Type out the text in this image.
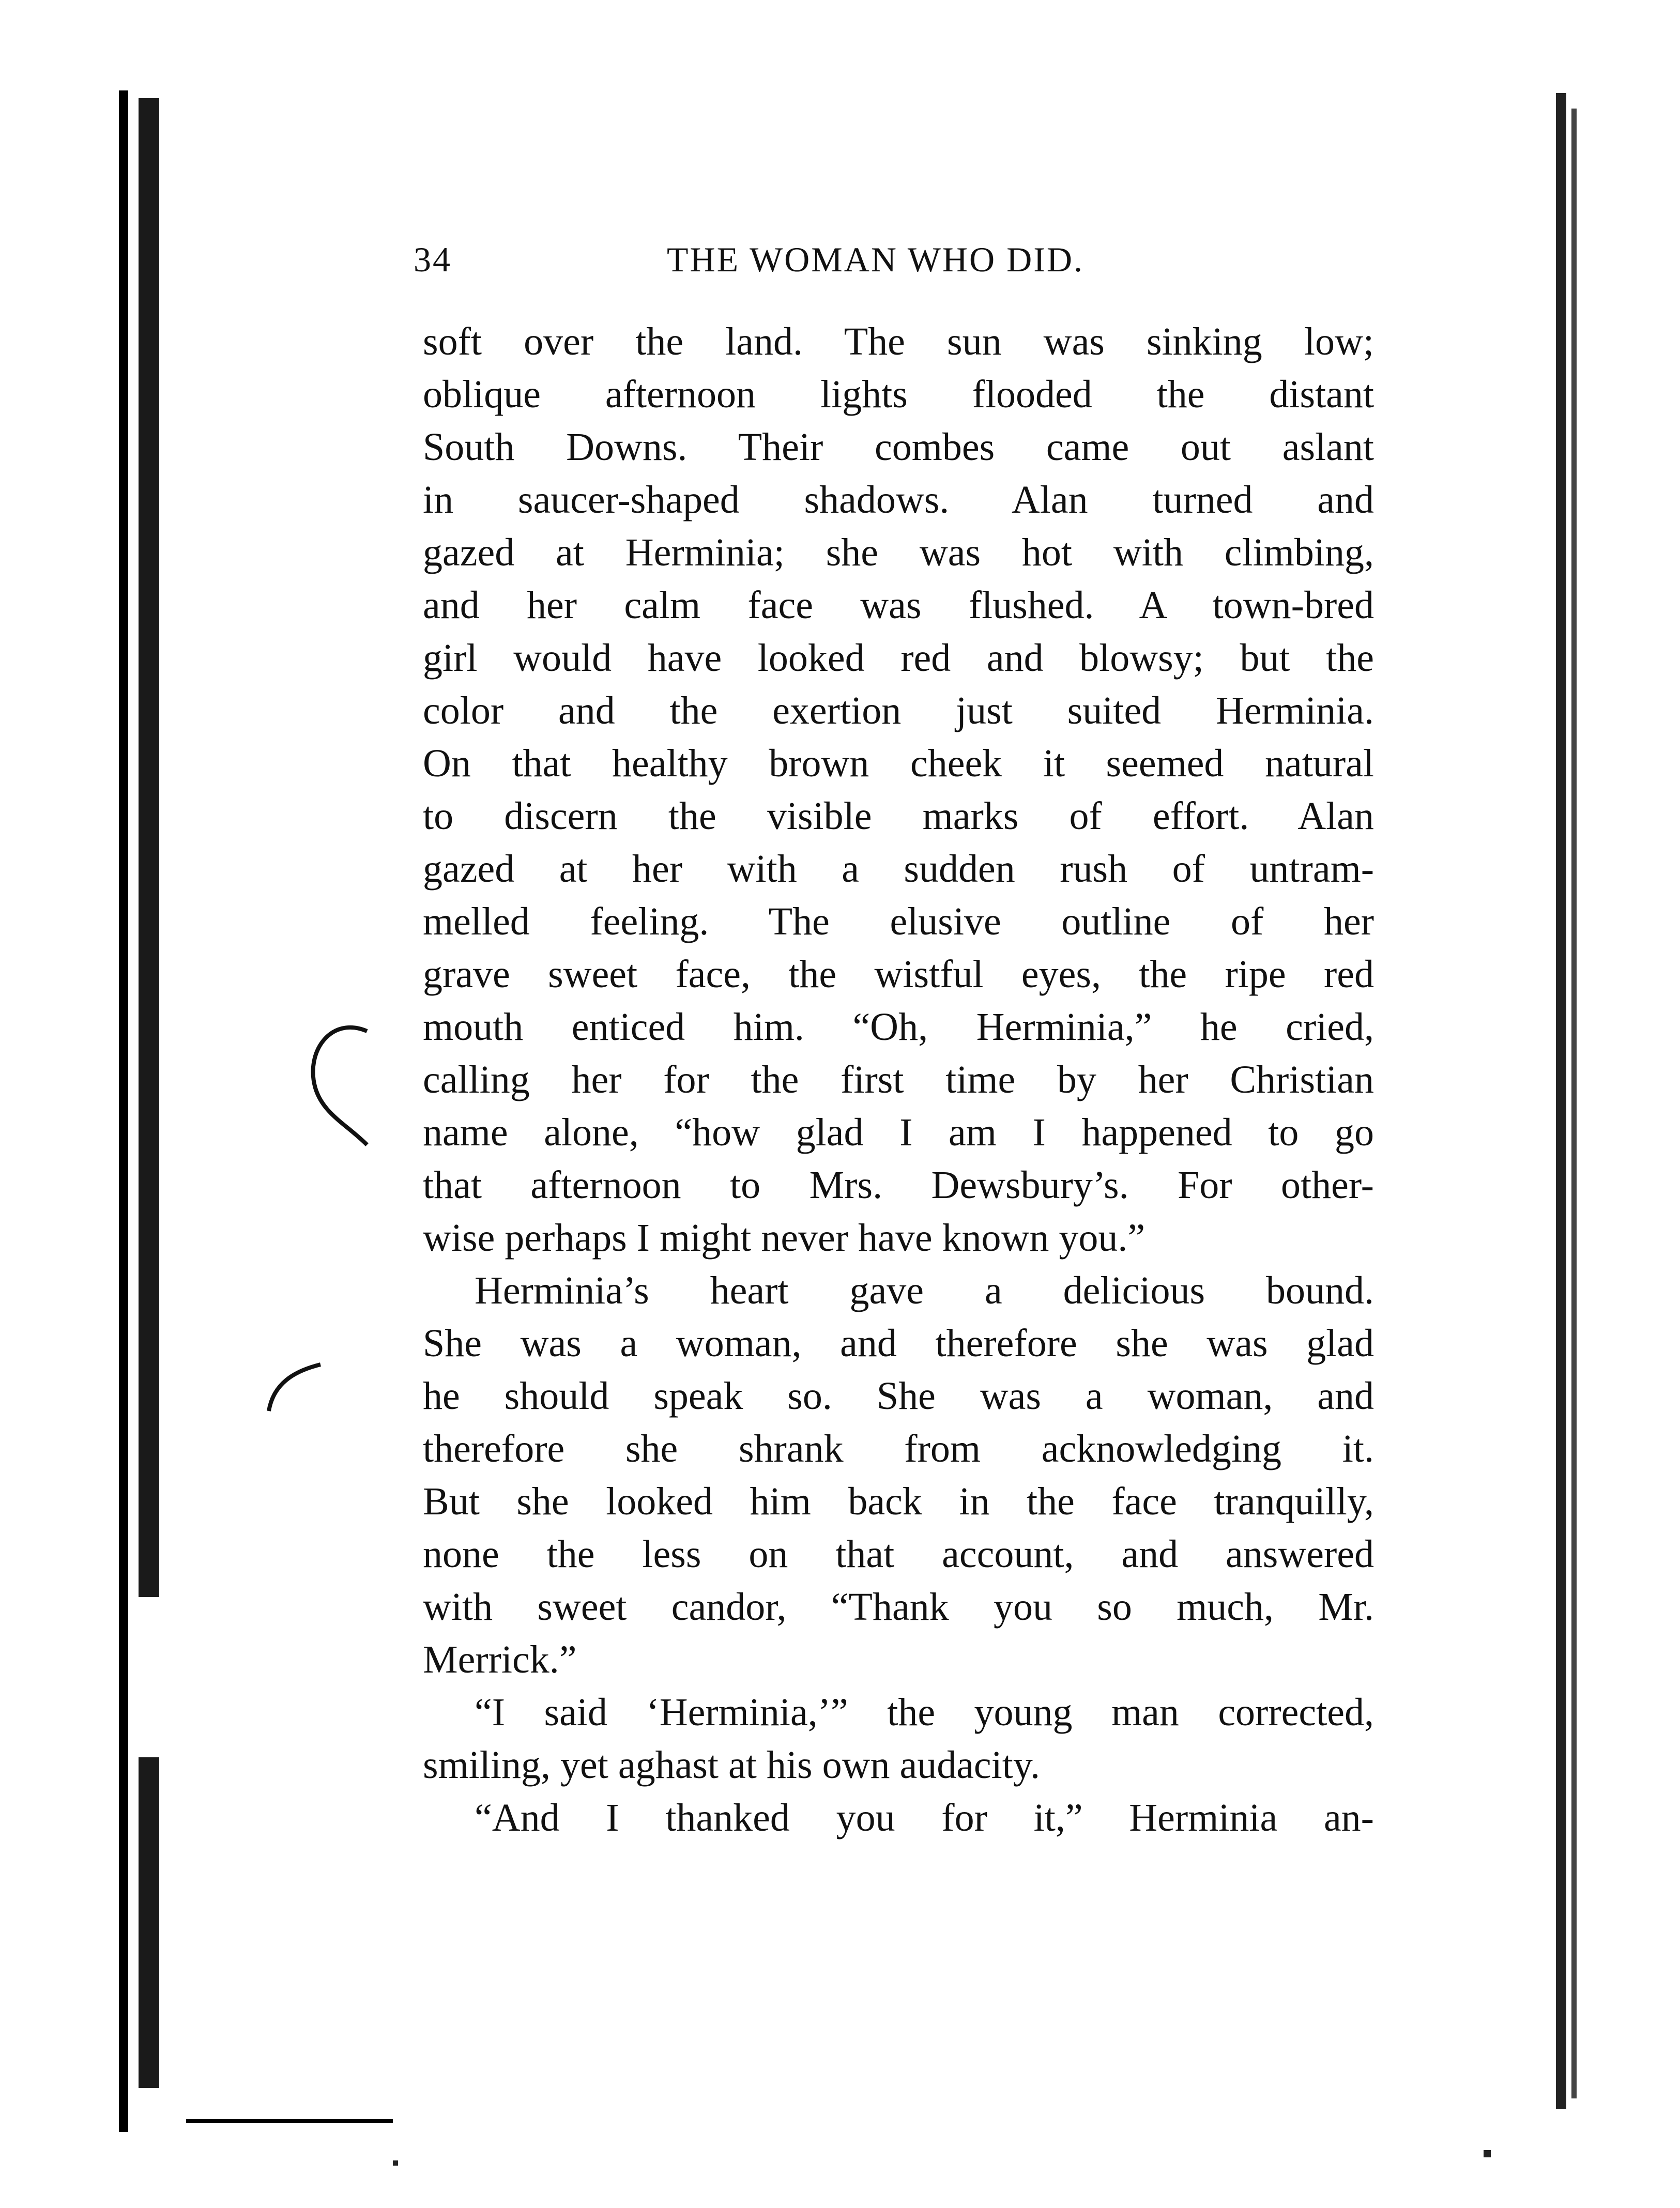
34	THE WOMAN WHO DID.
soft over the land. The sun was sinking low;
oblique afternoon lights flooded the distant
South Downs. Their combes came out aslant
in saucer-shaped shadows. Alan turned and
gazed at Herminia; she was hot with climbing,
and her calm face was flushed. A town-bred
girl would have looked red and blowsy; but the
color and the exertion just suited Herminia.
On that healthy brown cheek it seemed natural
to discern the visible marks of effort. Alan
gazed at her with a sudden rush of untram-
melled feeling. The elusive outline of her
grave sweet face, the wistful eyes, the ripe red
mouth enticed him. “Oh, Herminia,” he cried,
calling her for the first time by her Christian
name alone, “how glad I am I happened to go
that afternoon to Mrs. Dewsbury’s. For other-
wise perhaps I might never have known you.”
Herminia’s heart gave a delicious bound.
She was a woman, and therefore she was glad
he should speak so. She was a woman, and
therefore she shrank from acknowledging it.
But she looked him back in the face tranquilly,
none the less on that account, and answered
with sweet candor, “Thank you so much, Mr.
Merrick.”
“I said ‘Herminia,’” the young man corrected,
smiling, yet aghast at his own audacity.
“And I thanked you for it,” Herminia an-
